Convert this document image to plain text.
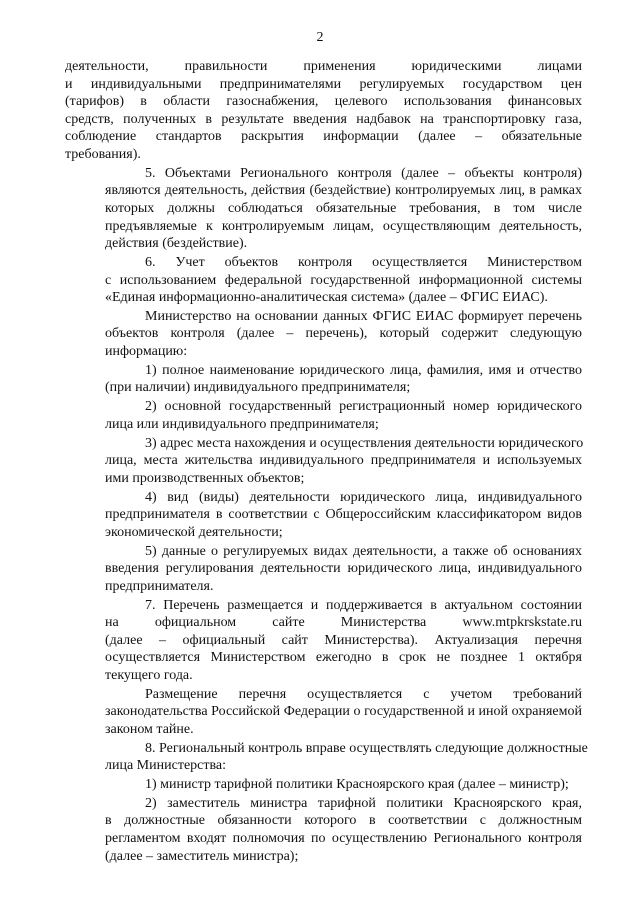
2
деятельности, правильности применения юридическими лицами
и индивидуальными предпринимателями регулируемых государством цен
(тарифов) в области газоснабжения, целевого использования финансовых
средств, полученных в результате введения надбавок на транспортировку газа,
соблюдение стандартов раскрытия информации (далее – обязательные
требования).
5. Объектами Регионального контроля (далее – объекты контроля)
являются деятельность, действия (бездействие) контролируемых лиц, в рамках
которых должны соблюдаться обязательные требования, в том числе
предъявляемые к контролируемым лицам, осуществляющим деятельность,
действия (бездействие).
6. Учет объектов контроля осуществляется Министерством
с использованием федеральной государственной информационной системы
«Единая информационно-аналитическая система» (далее – ФГИС ЕИАС).
Министерство на основании данных ФГИС ЕИАС формирует перечень
объектов контроля (далее – перечень), который содержит следующую
информацию:
1) полное наименование юридического лица, фамилия, имя и отчество
(при наличии) индивидуального предпринимателя;
2) основной государственный регистрационный номер юридического
лица или индивидуального предпринимателя;
3) адрес места нахождения и осуществления деятельности юридического
лица, места жительства индивидуального предпринимателя и используемых
ими производственных объектов;
4) вид (виды) деятельности юридического лица, индивидуального
предпринимателя в соответствии с Общероссийским классификатором видов
экономической деятельности;
5) данные о регулируемых видах деятельности, а также об основаниях
введения регулирования деятельности юридического лица, индивидуального
предпринимателя.
7. Перечень размещается и поддерживается в актуальном состоянии
на официальном сайте Министерства www.mtpkrskstate.ru
(далее – официальный сайт Министерства). Актуализация перечня
осуществляется Министерством ежегодно в срок не позднее 1 октября
текущего года.
Размещение перечня осуществляется с учетом требований
законодательства Российской Федерации о государственной и иной охраняемой
законом тайне.
8. Региональный контроль вправе осуществлять следующие должностные
лица Министерства:
1) министр тарифной политики Красноярского края (далее – министр);
2) заместитель министра тарифной политики Красноярского края,
в должностные обязанности которого в соответствии с должностным
регламентом входят полномочия по осуществлению Регионального контроля
(далее – заместитель министра);
